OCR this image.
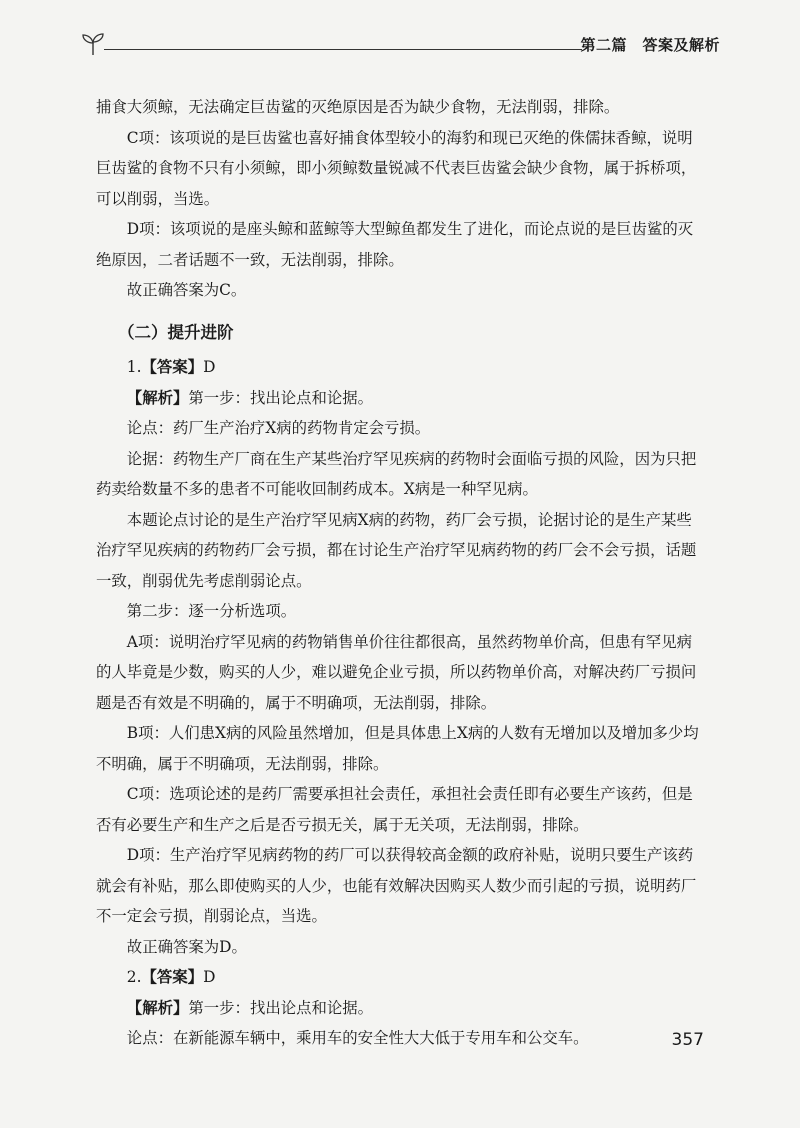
第二篇　答案及解析

捕食大须鲸，无法确定巨齿鲨的灭绝原因是否为缺少食物，无法削弱，排除。

C项：该项说的是巨齿鲨也喜好捕食体型较小的海豹和现已灭绝的侏儒抹香鲸，说明巨齿鲨的食物不只有小须鲸，即小须鲸数量锐减不代表巨齿鲨会缺少食物，属于拆桥项，可以削弱，当选。

D项：该项说的是座头鲸和蓝鲸等大型鲸鱼都发生了进化，而论点说的是巨齿鲨的灭绝原因，二者话题不一致，无法削弱，排除。

故正确答案为C。

（二）提升进阶

1.【答案】D

【解析】第一步：找出论点和论据。

论点：药厂生产治疗X病的药物肯定会亏损。

论据：药物生产厂商在生产某些治疗罕见疾病的药物时会面临亏损的风险，因为只把药卖给数量不多的患者不可能收回制药成本。X病是一种罕见病。

本题论点讨论的是生产治疗罕见病X病的药物，药厂会亏损，论据讨论的是生产某些治疗罕见疾病的药物药厂会亏损，都在讨论生产治疗罕见病药物的药厂会不会亏损，话题一致，削弱优先考虑削弱论点。

第二步：逐一分析选项。

A项：说明治疗罕见病的药物销售单价往往都很高，虽然药物单价高，但患有罕见病的人毕竟是少数，购买的人少，难以避免企业亏损，所以药物单价高，对解决药厂亏损问题是否有效是不明确的，属于不明确项，无法削弱，排除。

B项：人们患X病的风险虽然增加，但是具体患上X病的人数有无增加以及增加多少均不明确，属于不明确项，无法削弱，排除。

C项：选项论述的是药厂需要承担社会责任，承担社会责任即有必要生产该药，但是否有必要生产和生产之后是否亏损无关，属于无关项，无法削弱，排除。

D项：生产治疗罕见病药物的药厂可以获得较高金额的政府补贴，说明只要生产该药就会有补贴，那么即使购买的人少，也能有效解决因购买人数少而引起的亏损，说明药厂不一定会亏损，削弱论点，当选。

故正确答案为D。

2.【答案】D

【解析】第一步：找出论点和论据。

论点：在新能源车辆中，乘用车的安全性大大低于专用车和公交车。	357
